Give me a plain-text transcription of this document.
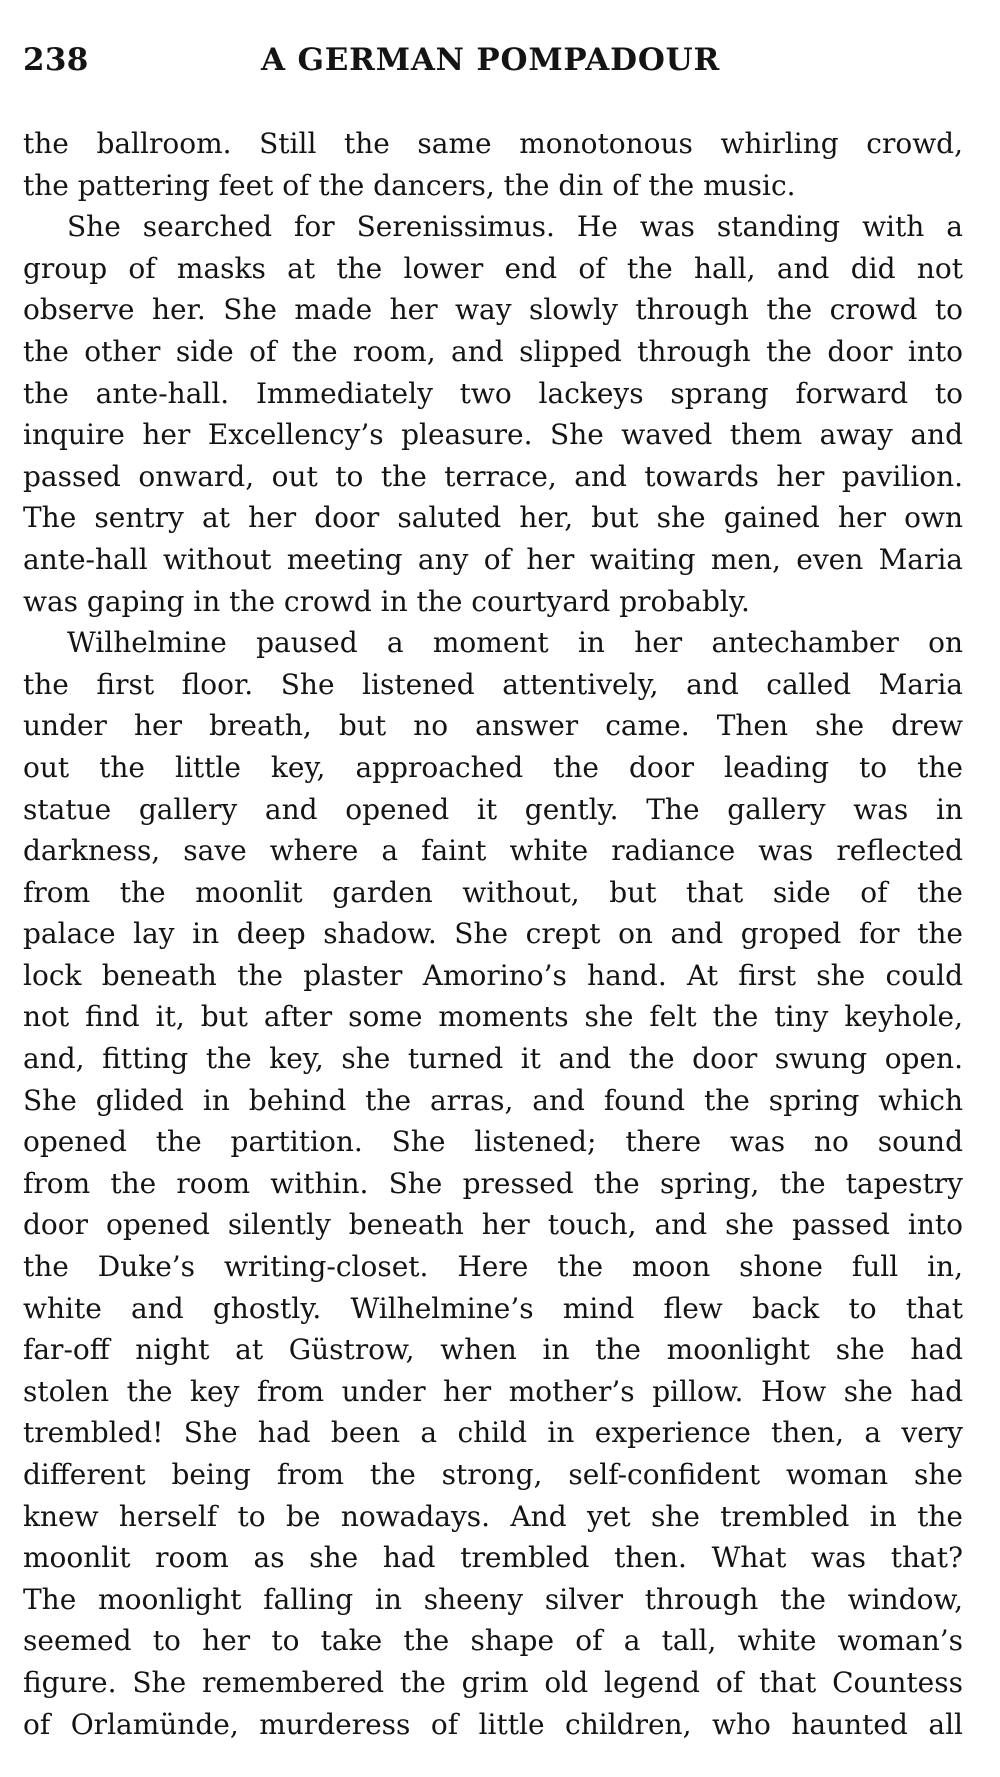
238	A GERMAN POMPADOUR
the ballroom. Still the same monotonous whirling crowd,
the pattering feet of the dancers, the din of the music.
She searched for Serenissimus. He was standing with a
group of masks at the lower end of the hall, and did not
observe her. She made her way slowly through the crowd to
the other side of the room, and slipped through the door into
the ante-hall. Immediately two lackeys sprang forward to
inquire her Excellency’s pleasure. She waved them away and
passed onward, out to the terrace, and towards her pavilion.
The sentry at her door saluted her, but she gained her own
ante-hall without meeting any of her waiting men, even Maria
was gaping in the crowd in the courtyard probably.
Wilhelmine paused a moment in her antechamber on
the first floor. She listened attentively, and called Maria
under her breath, but no answer came. Then she drew
out the little key, approached the door leading to the
statue gallery and opened it gently. The gallery was in
darkness, save where a faint white radiance was reflected
from the moonlit garden without, but that side of the
palace lay in deep shadow. She crept on and groped for the
lock beneath the plaster Amorino’s hand. At first she could
not find it, but after some moments she felt the tiny keyhole,
and, fitting the key, she turned it and the door swung open.
She glided in behind the arras, and found the spring which
opened the partition. She listened; there was no sound
from the room within. She pressed the spring, the tapestry
door opened silently beneath her touch, and she passed into
the Duke’s writing-closet. Here the moon shone full in,
white and ghostly. Wilhelmine’s mind flew back to that
far-off night at Güstrow, when in the moonlight she had
stolen the key from under her mother’s pillow. How she had
trembled! She had been a child in experience then, a very
different being from the strong, self-confident woman she
knew herself to be nowadays. And yet she trembled in the
moonlit room as she had trembled then. What was that?
The moonlight falling in sheeny silver through the window,
seemed to her to take the shape of a tall, white woman’s
figure. She remembered the grim old legend of that Countess
of Orlamünde, murderess of little children, who haunted all
